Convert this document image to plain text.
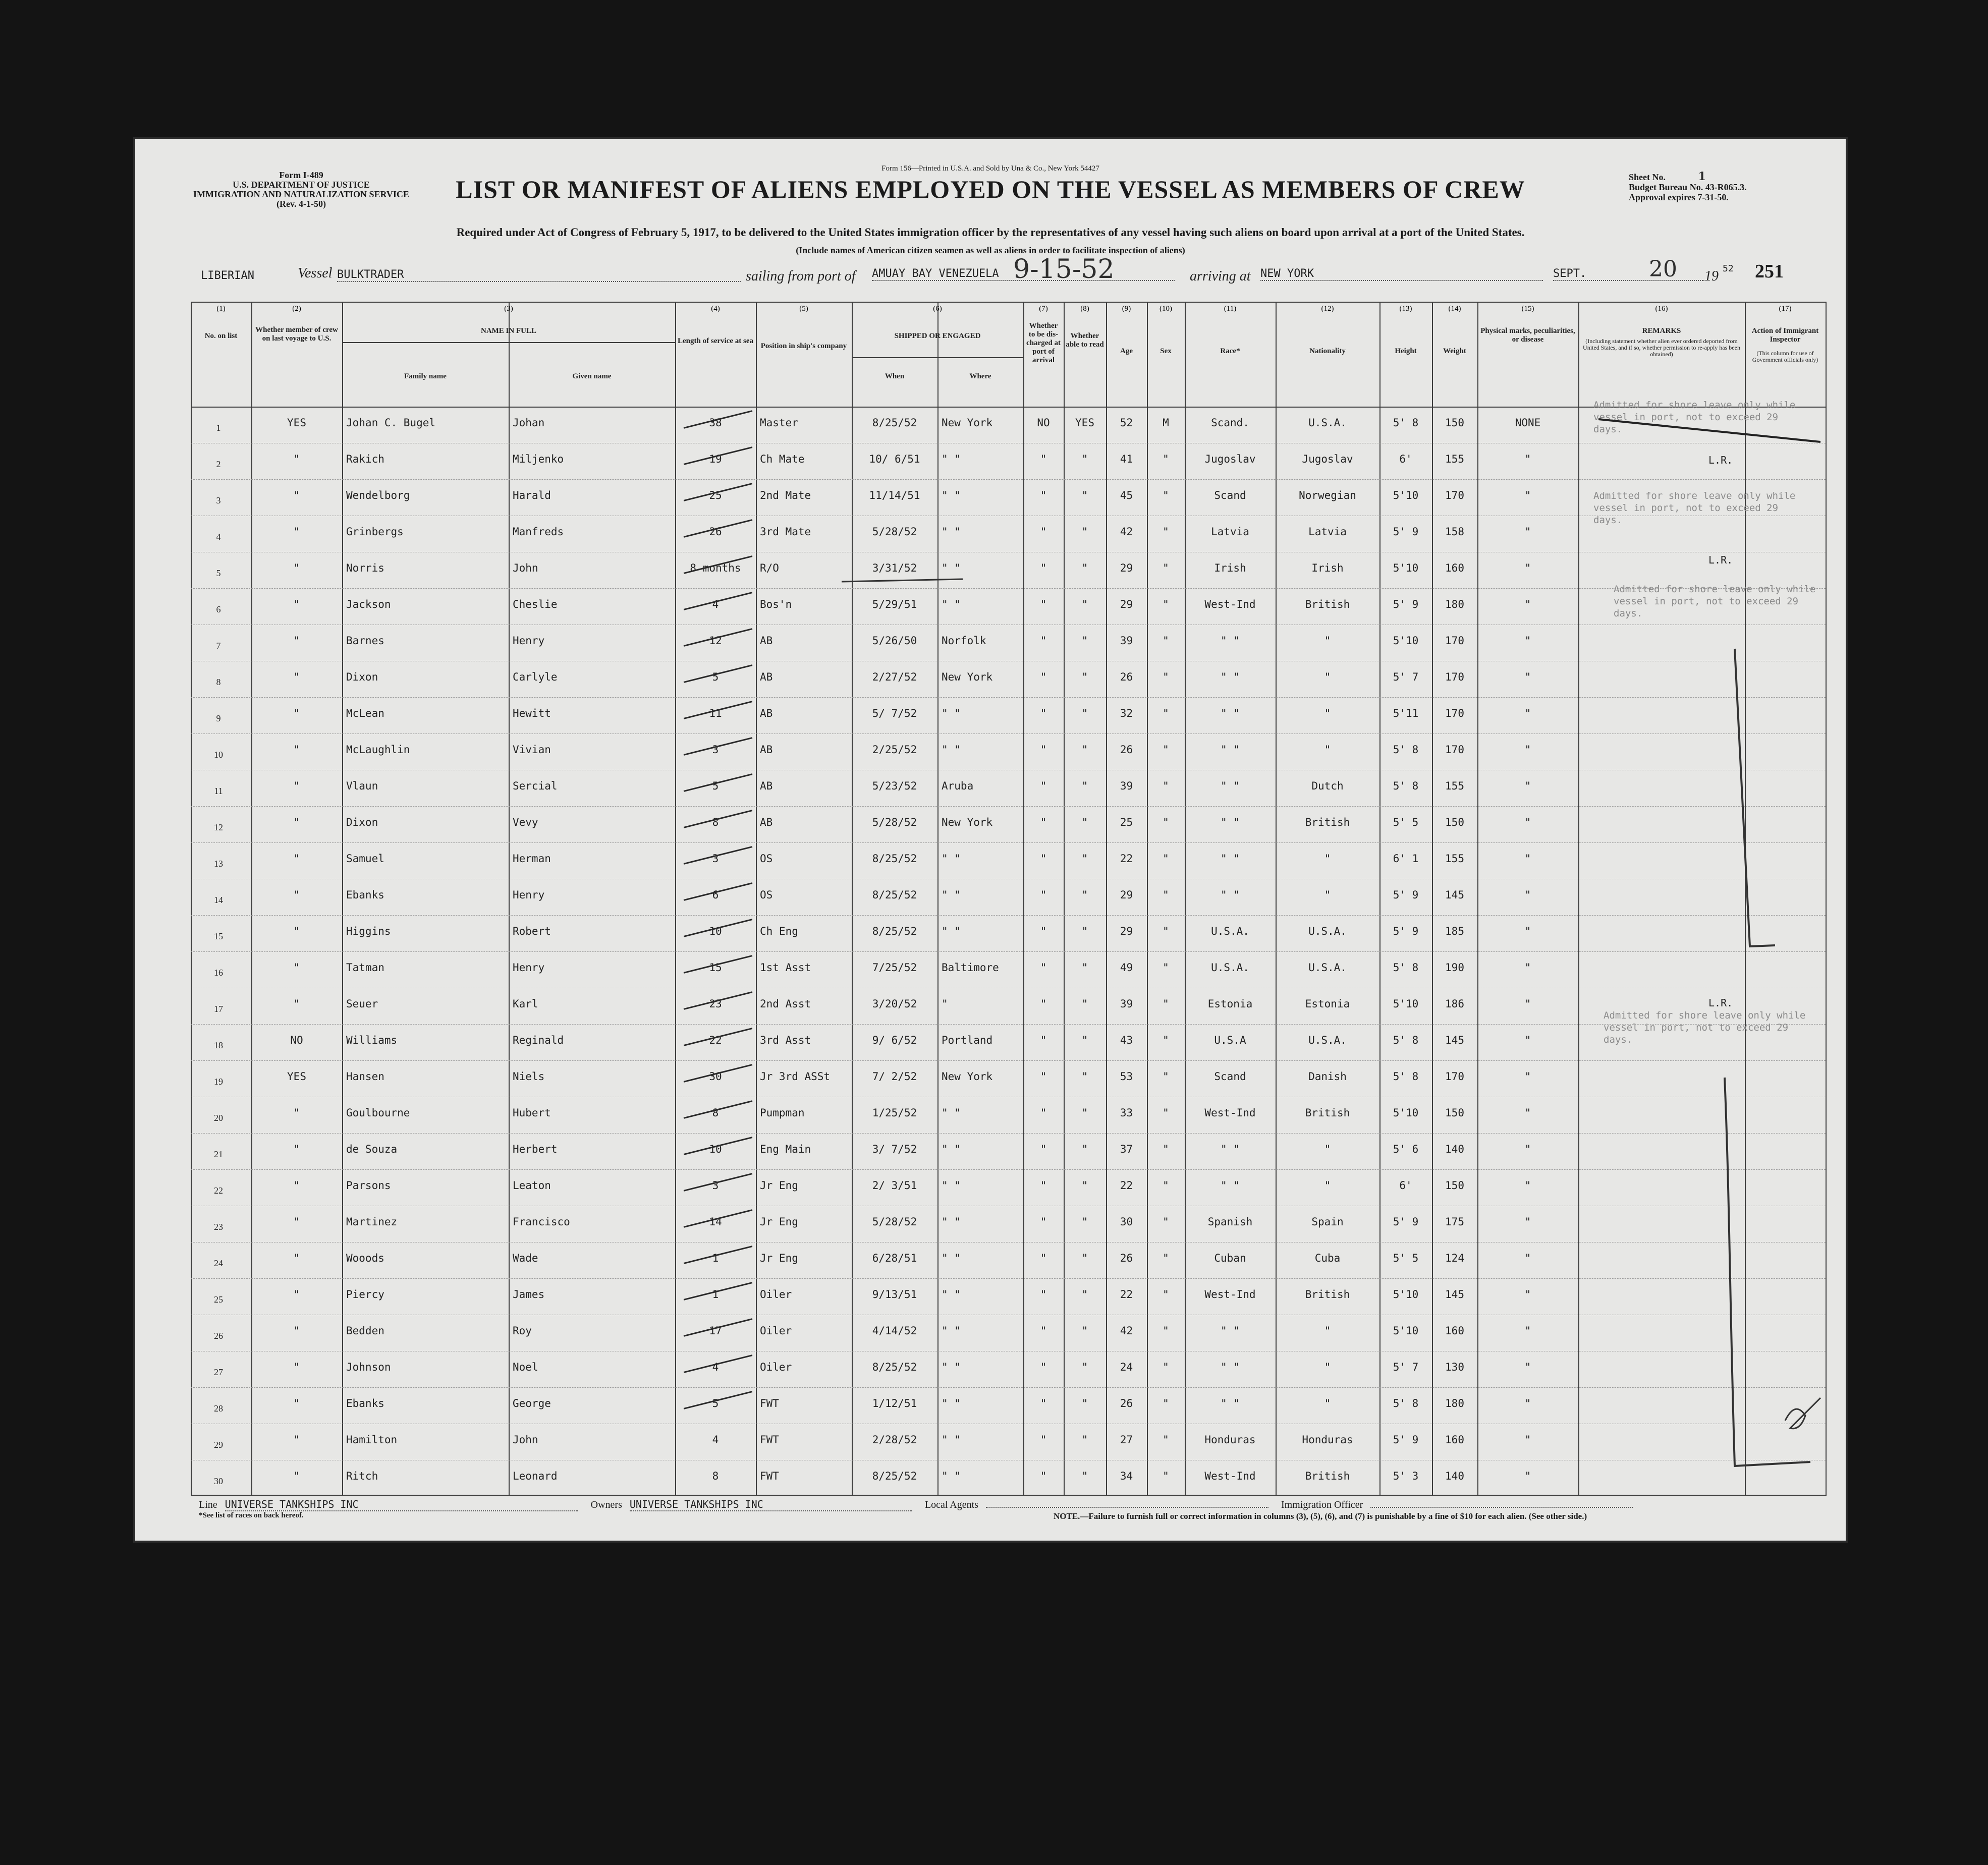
Form I-489
U.S. DEPARTMENT OF JUSTICE
IMMIGRATION AND NATURALIZATION SERVICE
(Rev. 4-1-50)
Form 156—Printed in U.S.A. and Sold by Una & Co., New York 54427
LIST OR MANIFEST OF ALIENS EMPLOYED ON THE VESSEL AS MEMBERS OF CREW
Required under Act of Congress of February 5, 1917, to be delivered to the United States immigration officer by the representatives of any vessel having such aliens on board upon arrival at a port of the United States.
(Include names of American citizen seamen as well as aliens in order to facilitate inspection of aliens)
Sheet No.	1
Budget Bureau No. 43-R065.3.
Approval expires 7-31-50.
LIBERIAN	Vessel BULKTRADER	sailing from port of AMUAY BAY VENEZUELA 9-15-52	arriving at NEW YORK	SEPT.	20 19 52 251
(1)	(2)	(3)	(4)	(5)	(6)	(7)	(8)	(9)	(10)	(11)	(12)	(13)	(14)	(15)	(16)	(17)
No. on list
Whether member of crew on last voyage to U.S.
NAME IN FULL
Family name	Given name
Length of service at sea
Position in ship's company
SHIPPED OR ENGAGED
When	Where
Whether to be dis-charged at port of arrival
Whether able to read
Age	Sex	Race*	Nationality	Height	Weight
Physical marks, peculiarities, or disease
REMARKS
(Including statement whether alien ever ordered deported from United States, and if so, whether permission to re-apply has been obtained)
Action of Immigrant Inspector
(This column for use of Government officials only)
1	YES	Johan C. Bugel	Johan	38	Master	8/25/52	New York	NO	YES	52	M	Scand.	U.S.A.	5' 8	150	NONE
2	"	Rakich	Miljenko	19	Ch Mate	10/ 6/51	" "	"	"	41	"	Jugoslav	Jugoslav	6'	155	"
3	"	Wendelborg	Harald	25	2nd Mate	11/14/51	" "	"	"	45	"	Scand	Norwegian	5'10	170	"
4	"	Grinbergs	Manfreds	26	3rd Mate	5/28/52	" "	"	"	42	"	Latvia	Latvia	5' 9	158	"
5	"	Norris	John	8 months	R/O	3/31/52	" "	"	"	29	"	Irish	Irish	5'10	160	"
6	"	Jackson	Cheslie	4	Bos'n	5/29/51	" "	"	"	29	"	West-Ind	British	5' 9	180	"
7	"	Barnes	Henry	12	AB	5/26/50	Norfolk	"	"	39	"	" "	"	5'10	170	"
8	"	Dixon	Carlyle	5	AB	2/27/52	New York	"	"	26	"	" "	"	5' 7	170	"
9	"	McLean	Hewitt	11	AB	5/ 7/52	" "	"	"	32	"	" "	"	5'11	170	"
10	"	McLaughlin	Vivian	3	AB	2/25/52	" "	"	"	26	"	" "	"	5' 8	170	"
11	"	Vlaun	Sercial	5	AB	5/23/52	Aruba	"	"	39	"	" "	Dutch	5' 8	155	"
12	"	Dixon	Vevy	8	AB	5/28/52	New York	"	"	25	"	" "	British	5' 5	150	"
13	"	Samuel	Herman	3	OS	8/25/52	" "	"	"	22	"	" "	"	6' 1	155	"
14	"	Ebanks	Henry	6	OS	8/25/52	" "	"	"	29	"	" "	"	5' 9	145	"
15	"	Higgins	Robert	10	Ch Eng	8/25/52	" "	"	"	29	"	U.S.A.	U.S.A.	5' 9	185	"
16	"	Tatman	Henry	15	1st Asst	7/25/52	Baltimore	"	"	49	"	U.S.A.	U.S.A.	5' 8	190	"
17	"	Seuer	Karl	23	2nd Asst	3/20/52	"	"	"	39	"	Estonia	Estonia	5'10	186	"
18	NO	Williams	Reginald	22	3rd Asst	9/ 6/52	Portland	"	"	43	"	U.S.A	U.S.A.	5' 8	145	"
19	YES	Hansen	Niels	30	Jr 3rd ASSt	7/ 2/52	New York	"	"	53	"	Scand	Danish	5' 8	170	"
20	"	Goulbourne	Hubert	8	Pumpman	1/25/52	" "	"	"	33	"	West-Ind	British	5'10	150	"
21	"	de Souza	Herbert	10	Eng Main	3/ 7/52	" "	"	"	37	"	" "	"	5' 6	140	"
22	"	Parsons	Leaton	3	Jr Eng	2/ 3/51	" "	"	"	22	"	" "	"	6'	150	"
23	"	Martinez	Francisco	14	Jr Eng	5/28/52	" "	"	"	30	"	Spanish	Spain	5' 9	175	"
24	"	Wooods	Wade	1	Jr Eng	6/28/51	" "	"	"	26	"	Cuban	Cuba	5' 5	124	"
25	"	Piercy	James	1	Oiler	9/13/51	" "	"	"	22	"	West-Ind	British	5'10	145	"
26	"	Bedden	Roy	17	Oiler	4/14/52	" "	"	"	42	"	" "	"	5'10	160	"
27	"	Johnson	Noel	4	Oiler	8/25/52	" "	"	"	24	"	" "	"	5' 7	130	"
28	"	Ebanks	George	5	FWT	1/12/51	" "	"	"	26	"	" "	"	5' 8	180	"
29	"	Hamilton	John	4	FWT	2/28/52	" "	"	"	27	"	Honduras	Honduras	5' 9	160	"
30	"	Ritch	Leonard	8	FWT	8/25/52	" "	"	"	34	"	West-Ind	British	5' 3	140	"
Admitted for shore leave only while vessel in port, not to exceed 29 days.
Admitted for shore leave only while vessel in port, not to exceed 29 days.
Admitted for shore leave only while vessel in port, not to exceed 29 days.
Admitted for shore leave only while vessel in port, not to exceed 29 days.
L.R.
L.R.
L.R.
Line UNIVERSE TANKSHIPS INC	Owners UNIVERSE TANKSHIPS INC	Local Agents	Immigration Officer
*See list of races on back hereof.	NOTE.—Failure to furnish full or correct information in columns (3), (5), (6), and (7) is punishable by a fine of $10 for each alien. (See other side.)
